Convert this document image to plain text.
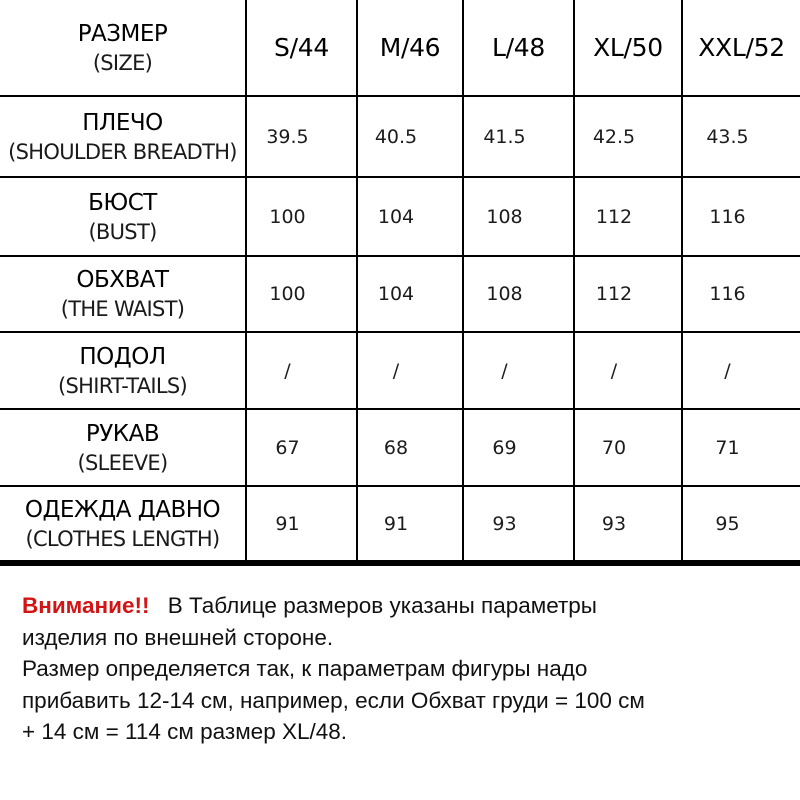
РАЗМЕР
(SIZE)
S/44 M/46 L/48 XL/50 XXL/52
ПЛЕЧО
(SHOULDER BREADTH)
39.5	40.5	41.5	42.5	43.5
БЮСТ
(BUST)
100	104	108	112	116
ОБХВАТ
(THE WAIST)
100	104	108	112	116
ПОДОЛ
(SHIRT-TAILS)
/	/	/	/	/
РУКАВ
(SLEEVE)
67	68	69	70	71
ОДЕЖДА ДАВНО
(CLOTHES LENGTH)
91	91	93	93	95
Внимание!! В Таблице размеров указаны параметры
изделия по внешней стороне.
Размер определяется так, к параметрам фигуры надо
прибавить 12-14 см, например, если Обхват груди = 100 см
+ 14 см = 114 см размер XL/48.
